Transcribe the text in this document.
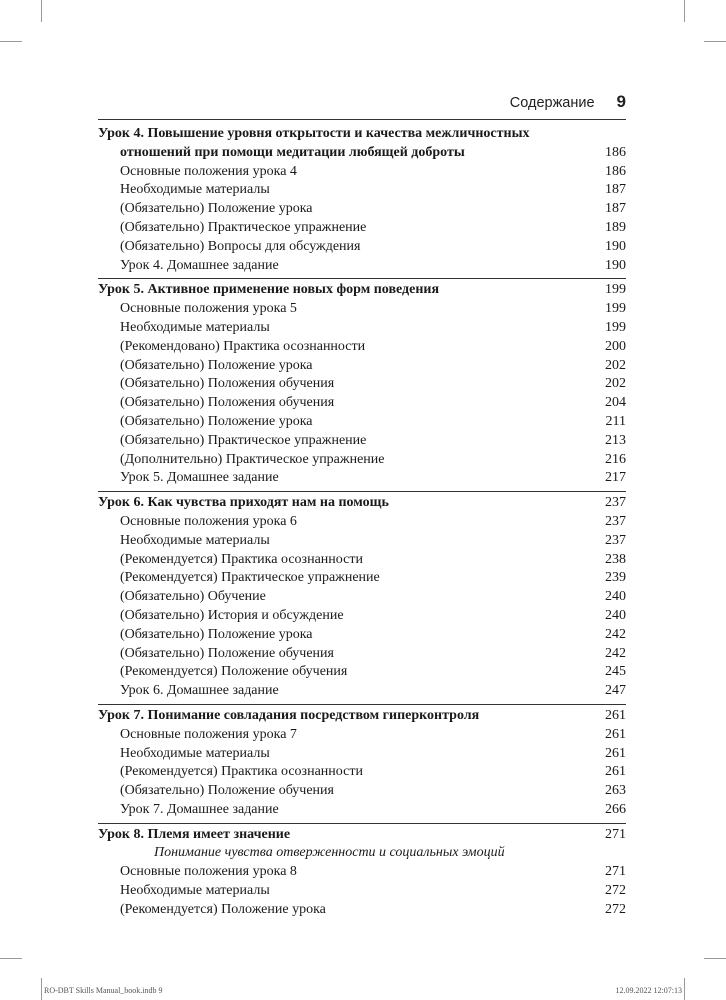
Содержание 9
Урок 4. Повышение уровня открытости и качества межличностных
отношений при помощи медитации любящей доброты	186
Основные положения урока 4	186
Необходимые материалы	187
(Обязательно) Положение урока	187
(Обязательно) Практическое упражнение	189
(Обязательно) Вопросы для обсуждения	190
Урок 4. Домашнее задание	190
Урок 5. Активное применение новых форм поведения	199
Основные положения урока 5	199
Необходимые материалы	199
(Рекомендовано) Практика осознанности	200
(Обязательно) Положение урока	202
(Обязательно) Положения обучения	202
(Обязательно) Положения обучения	204
(Обязательно) Положение урока	211
(Обязательно) Практическое упражнение	213
(Дополнительно) Практическое упражнение	216
Урок 5. Домашнее задание	217
Урок 6. Как чувства приходят нам на помощь	237
Основные положения урока 6	237
Необходимые материалы	237
(Рекомендуется) Практика осознанности	238
(Рекомендуется) Практическое упражнение	239
(Обязательно) Обучение	240
(Обязательно) История и обсуждение	240
(Обязательно) Положение урока	242
(Обязательно) Положение обучения	242
(Рекомендуется) Положение обучения	245
Урок 6. Домашнее задание	247
Урок 7. Понимание совладания посредством гиперконтроля	261
Основные положения урока 7	261
Необходимые материалы	261
(Рекомендуется) Практика осознанности	261
(Обязательно) Положение обучения	263
Урок 7. Домашнее задание	266
Урок 8. Племя имеет значение	271
Понимание чувства отверженности и социальных эмоций
Основные положения урока 8	271
Необходимые материалы	272
(Рекомендуется) Положение урока	272
RO-DBT Skills Manual_book.indb 9	12.09.2022 12:07:13
